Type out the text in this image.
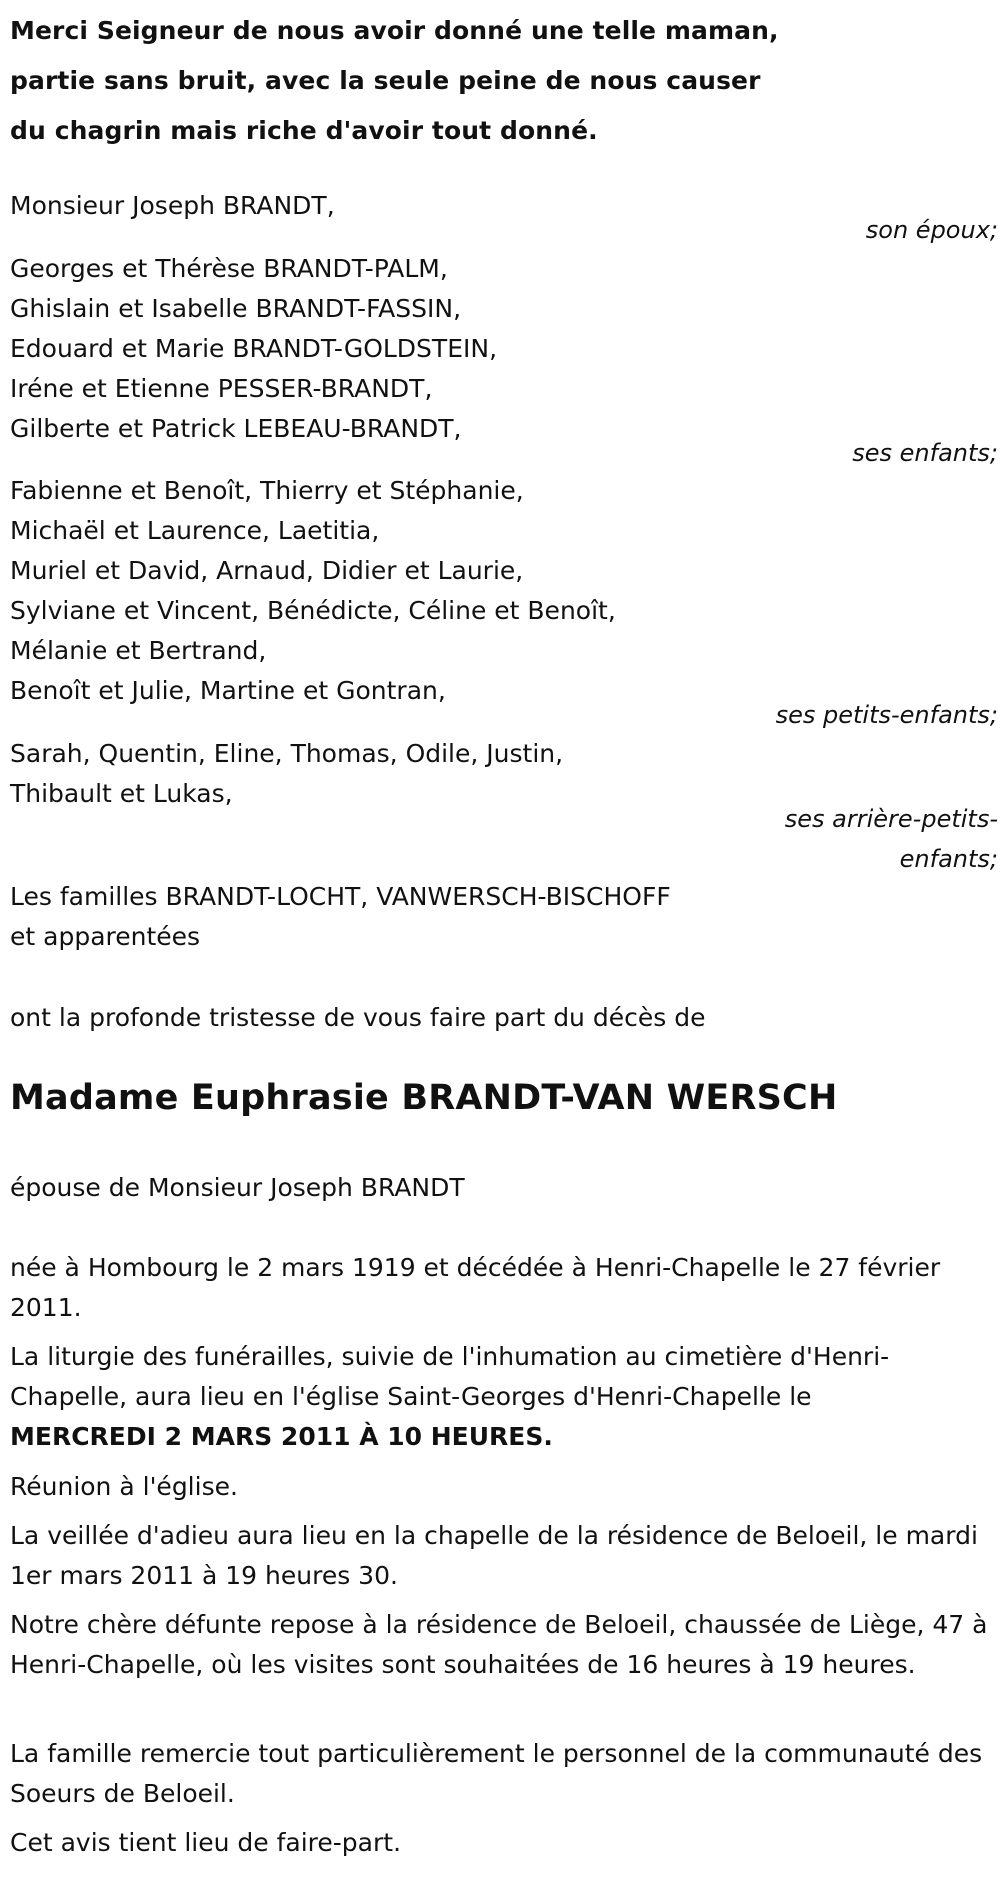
Merci Seigneur de nous avoir donné une telle maman,
partie sans bruit, avec la seule peine de nous causer
du chagrin mais riche d'avoir tout donné.
Monsieur Joseph BRANDT,
son époux;
Georges et Thérèse BRANDT-PALM,
Ghislain et Isabelle BRANDT-FASSIN,
Edouard et Marie BRANDT-GOLDSTEIN,
Iréne et Etienne PESSER-BRANDT,
Gilberte et Patrick LEBEAU-BRANDT,
ses enfants;
Fabienne et Benoît, Thierry et Stéphanie,
Michaël et Laurence, Laetitia,
Muriel et David, Arnaud, Didier et Laurie,
Sylviane et Vincent, Bénédicte, Céline et Benoît,
Mélanie et Bertrand,
Benoît et Julie, Martine et Gontran,
ses petits-enfants;
Sarah, Quentin, Eline, Thomas, Odile, Justin,
Thibault et Lukas,
ses arrière-petits-
enfants;
Les familles BRANDT-LOCHT, VANWERSCH-BISCHOFF
et apparentées
ont la profonde tristesse de vous faire part du décès de
Madame Euphrasie BRANDT-VAN WERSCH
épouse de Monsieur Joseph BRANDT
née à Hombourg le 2 mars 1919 et décédée à Henri-Chapelle le 27 février 2011.
La liturgie des funérailles, suivie de l'inhumation au cimetière d'Henri-Chapelle, aura lieu en l'église Saint-Georges d'Henri-Chapelle le
MERCREDI 2 MARS 2011 À 10 HEURES.
Réunion à l'église.
La veillée d'adieu aura lieu en la chapelle de la résidence de Beloeil, le mardi 1er mars 2011 à 19 heures 30.
Notre chère défunte repose à la résidence de Beloeil, chaussée de Liège, 47 à Henri-Chapelle, où les visites sont souhaitées de 16 heures à 19 heures.
La famille remercie tout particulièrement le personnel de la communauté des Soeurs de Beloeil.
Cet avis tient lieu de faire-part.
